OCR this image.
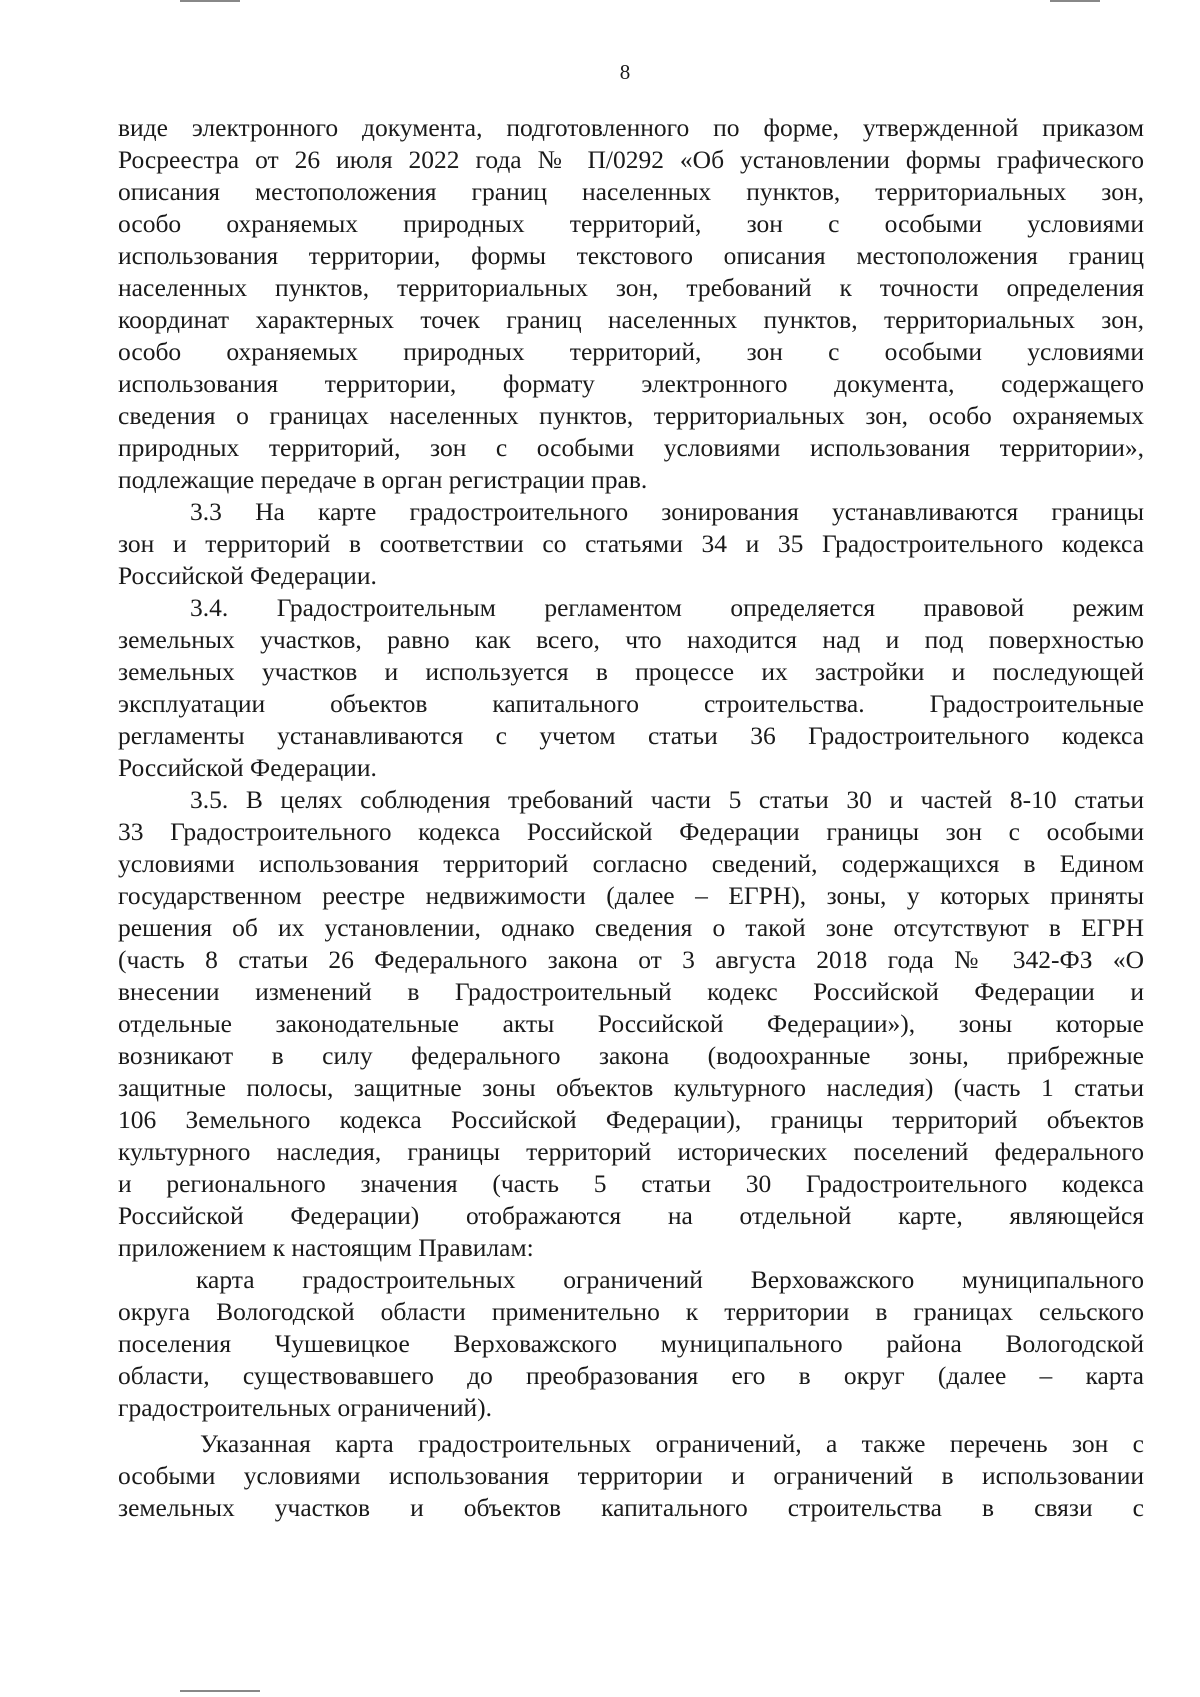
8
виде электронного документа, подготовленного по форме, утвержденной приказом
Росреестра от 26 июля 2022 года № П/0292 «Об установлении формы графического
описания местоположения границ населенных пунктов, территориальных зон,
особо охраняемых природных территорий, зон с особыми условиями
использования территории, формы текстового описания местоположения границ
населенных пунктов, территориальных зон, требований к точности определения
координат характерных точек границ населенных пунктов, территориальных зон,
особо охраняемых природных территорий, зон с особыми условиями
использования территории, формату электронного документа, содержащего
сведения о границах населенных пунктов, территориальных зон, особо охраняемых
природных территорий, зон с особыми условиями использования территории»,
подлежащие передаче в орган регистрации прав.
3.3 На карте градостроительного зонирования устанавливаются границы
зон и территорий в соответствии со статьями 34 и 35 Градостроительного кодекса
Российской Федерации.
3.4. Градостроительным регламентом определяется правовой режим
земельных участков, равно как всего, что находится над и под поверхностью
земельных участков и используется в процессе их застройки и последующей
эксплуатации объектов капитального строительства. Градостроительные
регламенты устанавливаются с учетом статьи 36 Градостроительного кодекса
Российской Федерации.
3.5. В целях соблюдения требований части 5 статьи 30 и частей 8-10 статьи
33 Градостроительного кодекса Российской Федерации границы зон с особыми
условиями использования территорий согласно сведений, содержащихся в Едином
государственном реестре недвижимости (далее – ЕГРН), зоны, у которых приняты
решения об их установлении, однако сведения о такой зоне отсутствуют в ЕГРН
(часть 8 статьи 26 Федерального закона от 3 августа 2018 года № 342-ФЗ «О
внесении изменений в Градостроительный кодекс Российской Федерации и
отдельные законодательные акты Российской Федерации»), зоны которые
возникают в силу федерального закона (водоохранные зоны, прибрежные
защитные полосы, защитные зоны объектов культурного наследия) (часть 1 статьи
106 Земельного кодекса Российской Федерации), границы территорий объектов
культурного наследия, границы территорий исторических поселений федерального
и регионального значения (часть 5 статьи 30 Градостроительного кодекса
Российской Федерации) отображаются на отдельной карте, являющейся
приложением к настоящим Правилам:
карта градостроительных ограничений Верховажского муниципального
округа Вологодской области применительно к территории в границах сельского
поселения Чушевицкое Верховажского муниципального района Вологодской
области, существовавшего до преобразования его в округ (далее – карта
градостроительных ограничений).
Указанная карта градостроительных ограничений, а также перечень зон с
особыми условиями использования территории и ограничений в использовании
земельных участков и объектов капитального строительства в связи с
